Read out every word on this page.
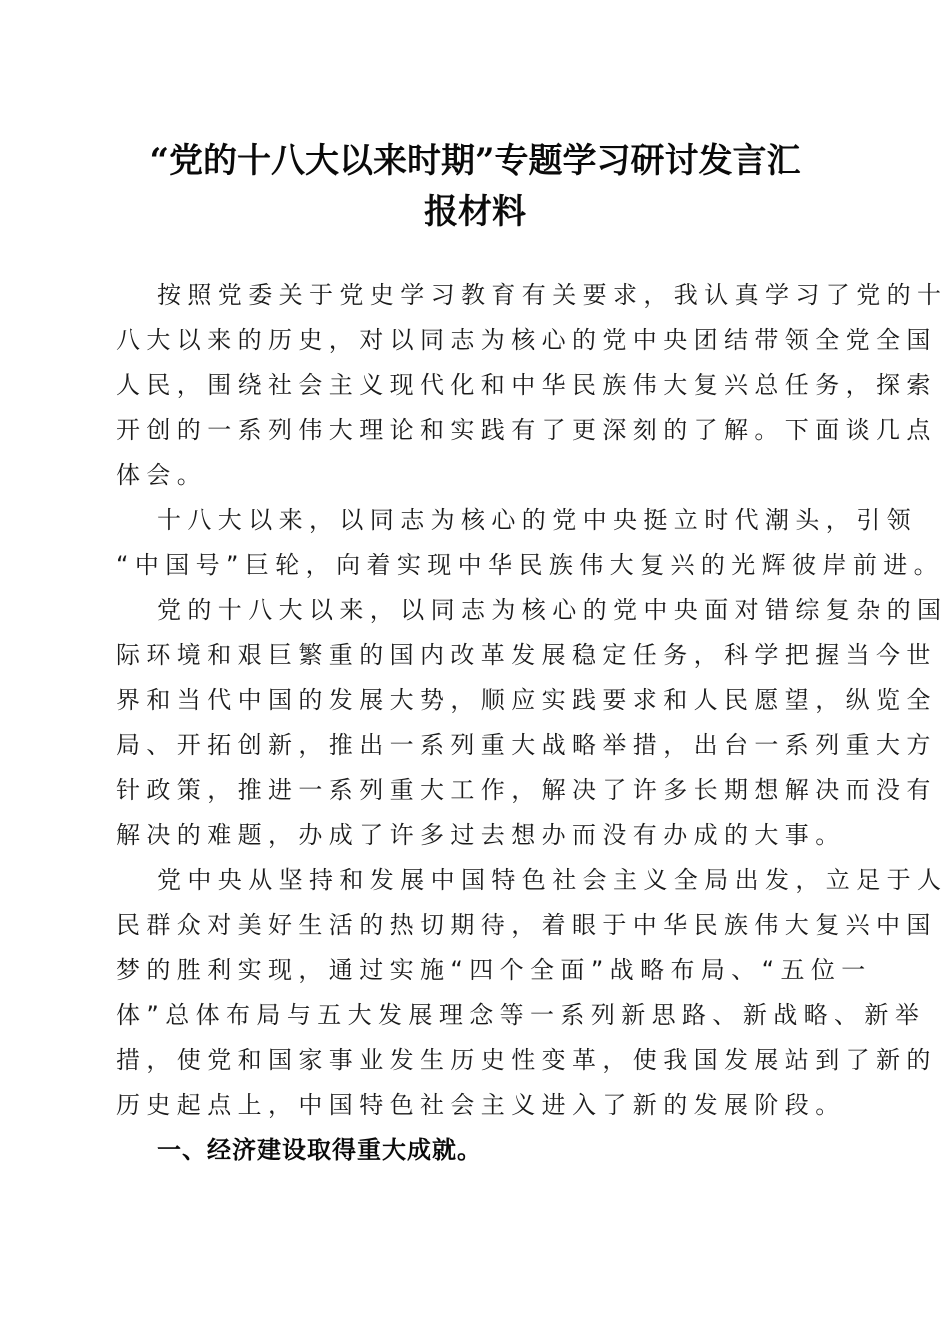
“党的十八大以来时期”专题学习研讨发言汇
报材料
按照党委关于党史学习教育有关要求，我认真学习了党的十
八大以来的历史，对以同志为核心的党中央团结带领全党全国
人民，围绕社会主义现代化和中华民族伟大复兴总任务，探索
开创的一系列伟大理论和实践有了更深刻的了解。下面谈几点
体会。
十八大以来，以同志为核心的党中央挺立时代潮头，引领
“中国号”巨轮，向着实现中华民族伟大复兴的光辉彼岸前进。
党的十八大以来，以同志为核心的党中央面对错综复杂的国
际环境和艰巨繁重的国内改革发展稳定任务，科学把握当今世
界和当代中国的发展大势，顺应实践要求和人民愿望，纵览全
局、开拓创新，推出一系列重大战略举措，出台一系列重大方
针政策，推进一系列重大工作，解决了许多长期想解决而没有
解决的难题，办成了许多过去想办而没有办成的大事。
党中央从坚持和发展中国特色社会主义全局出发，立足于人
民群众对美好生活的热切期待，着眼于中华民族伟大复兴中国
梦的胜利实现，通过实施“四个全面”战略布局、“五位一
体”总体布局与五大发展理念等一系列新思路、新战略、新举
措，使党和国家事业发生历史性变革，使我国发展站到了新的
历史起点上，中国特色社会主义进入了新的发展阶段。
一、经济建设取得重大成就。
